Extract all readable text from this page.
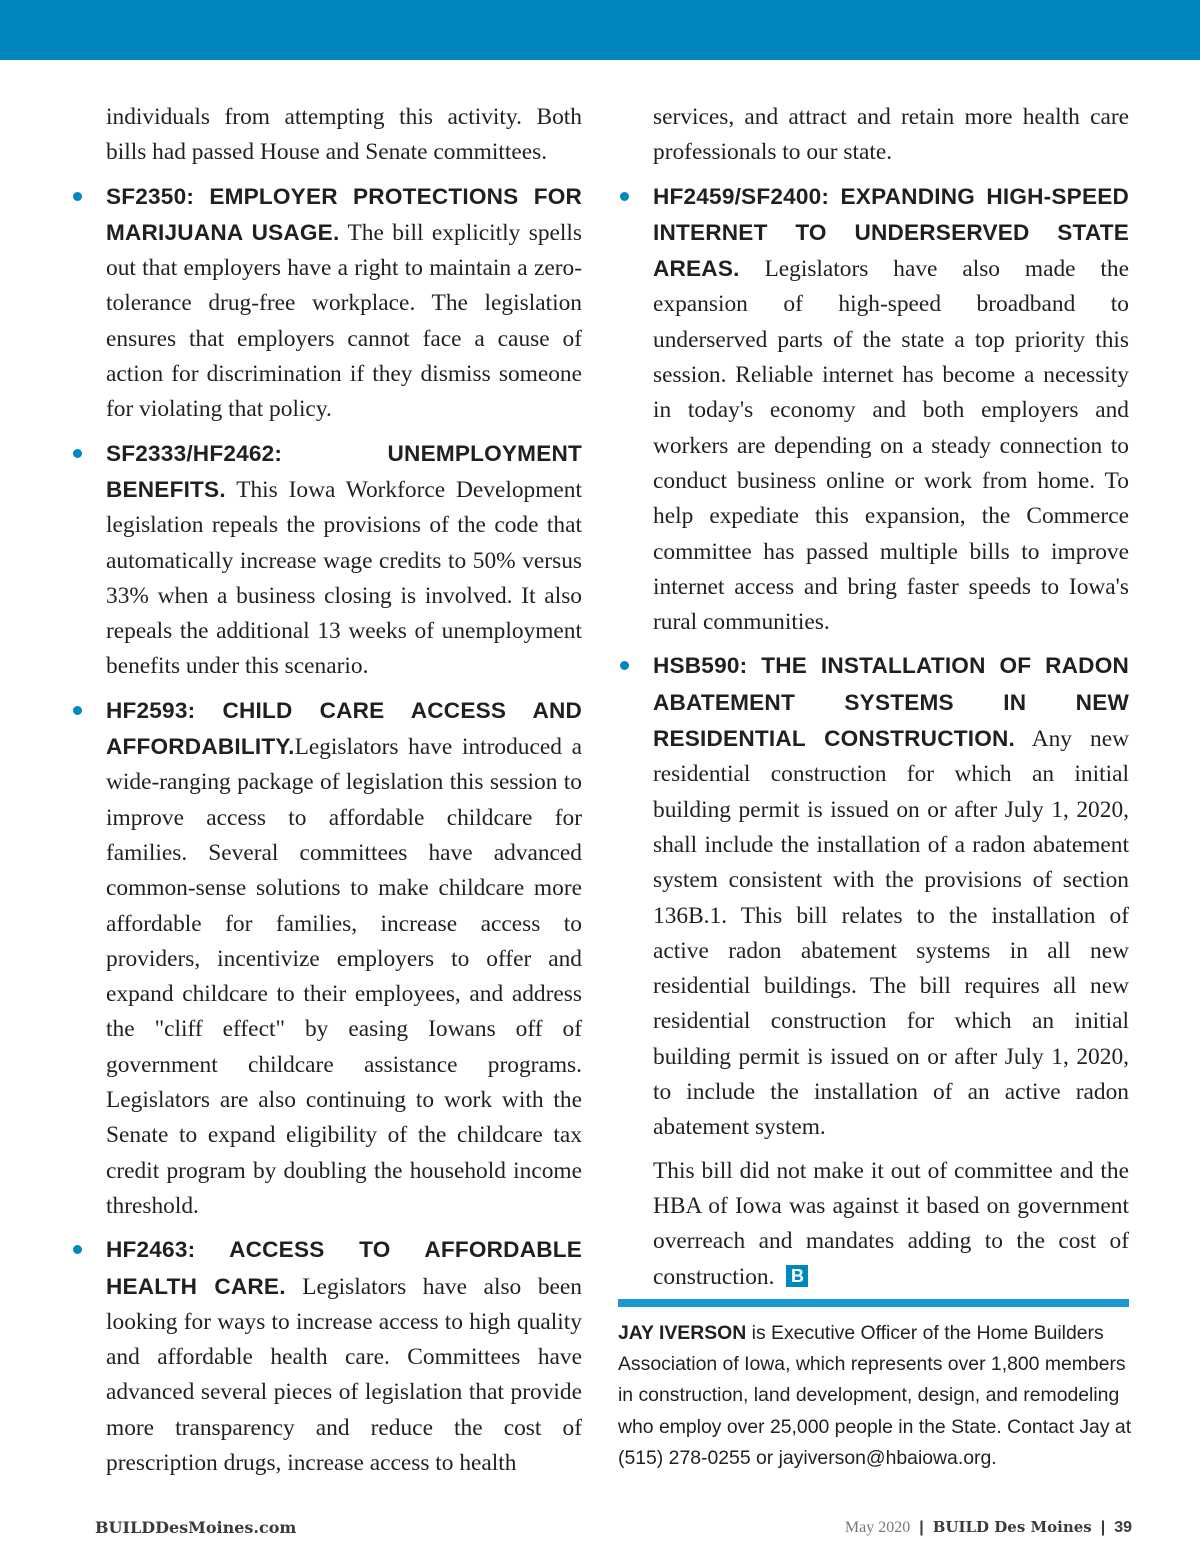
individuals from attempting this activity. Both bills had passed House and Senate committees.

SF2350: EMPLOYER PROTECTIONS FOR MARIJUANA USAGE. The bill explicitly spells out that employers have a right to maintain a zero-tolerance drug-free workplace. The legislation ensures that employers cannot face a cause of action for discrimination if they dismiss someone for violating that policy.
SF2333/HF2462: UNEMPLOYMENT BENEFITS. This Iowa Workforce Development legislation repeals the provisions of the code that automatically increase wage credits to 50% versus 33% when a business closing is involved. It also repeals the additional 13 weeks of unemployment benefits under this scenario.
HF2593: CHILD CARE ACCESS AND AFFORDABILITY.Legislators have introduced a wide-ranging package of legislation this session to improve access to affordable childcare for families. Several committees have advanced common-sense solutions to make childcare more affordable for families, increase access to providers, incentivize employers to offer and expand childcare to their employees, and address the "cliff effect" by easing Iowans off of government childcare assistance programs. Legislators are also continuing to work with the Senate to expand eligibility of the childcare tax credit program by doubling the household income threshold.
HF2463: ACCESS TO AFFORDABLE HEALTH CARE. Legislators have also been looking for ways to increase access to high quality and affordable health care. Committees have advanced several pieces of legislation that provide more transparency and reduce the cost of prescription drugs, increase access to health

services, and attract and retain more health care professionals to our state.

HF2459/SF2400: EXPANDING HIGH-SPEED INTERNET TO UNDERSERVED STATE AREAS. Legislators have also made the expansion of high-speed broadband to underserved parts of the state a top priority this session. Reliable internet has become a necessity in today's economy and both employers and workers are depending on a steady connection to conduct business online or work from home. To help expediate this expansion, the Commerce committee has passed multiple bills to improve internet access and bring faster speeds to Iowa's rural communities.
HSB590: THE INSTALLATION OF RADON ABATEMENT SYSTEMS IN NEW RESIDENTIAL CONSTRUCTION. Any new residential construction for which an initial building permit is issued on or after July 1, 2020, shall include the installation of a radon abatement system consistent with the provisions of section 136B.1. This bill relates to the installation of active radon abatement systems in all new residential buildings. The bill requires all new residential construction for which an initial building permit is issued on or after July 1, 2020, to include the installation of an active radon abatement system.

This bill did not make it out of committee and the HBA of Iowa was against it based on government overreach and mandates adding to the cost of construction. B

JAY IVERSON is Executive Officer of the Home Builders Association of Iowa, which represents over 1,800 members in construction, land development, design, and remodeling who employ over 25,000 people in the State. Contact Jay at (515) 278-0255 or jayiverson@hbaiowa.org.
BUILDDesMoines.com	May 2020 | BUILD Des Moines | 39
